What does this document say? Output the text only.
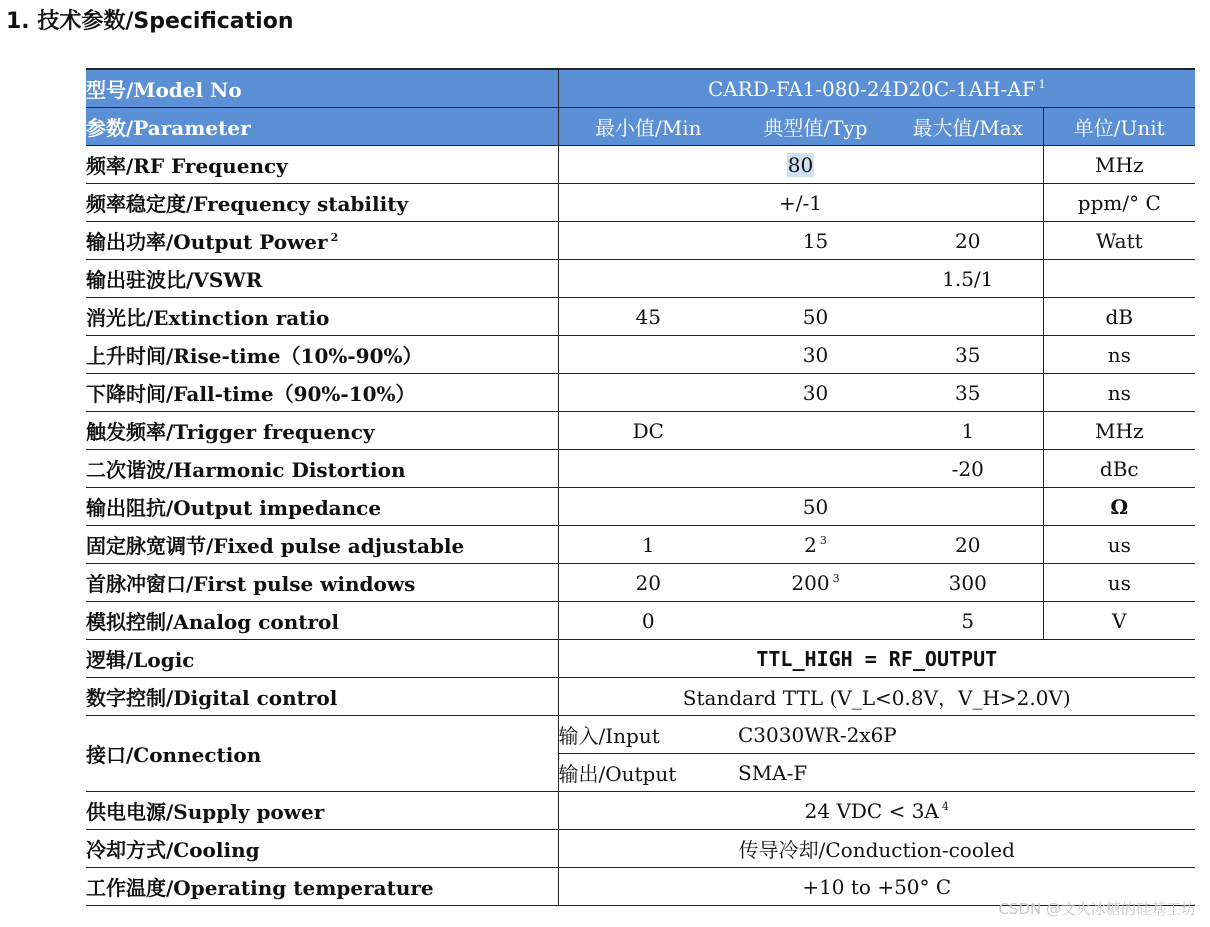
1. 技术参数/Specification
型号/Model No	CARD-FA1-080-24D20C-1AH-AF $^1$
参数/Parameter	最小值/Min	典型值/Typ	最大值/Max	单位/Unit
频率/RF Frequency	80			MHz
频率稳定度/Frequency stability	+/-1			ppm/° C
输出功率/Output Power $^2$		15	20	Watt
输出驻波比/VSWR			1.5/1	
消光比/Extinction ratio	45	50		dB
上升时间/Rise-time（10%-90%）		30	35	ns
下降时间/Fall-time（90%-10%）		30	35	ns
触发频率/Trigger frequency	DC		1	MHz
二次谐波/Harmonic Distortion			-20	dBc
输出阻抗/Output impedance		50		Ω
固定脉宽调节/Fixed pulse adjustable	1	2 $^3$	20	us
首脉冲窗口/First pulse windows	20	200 $^3$	300	us
模拟控制/Analog control	0		5	V
逻辑/Logic	TTL_HIGH = RF_OUTPUT			
数字控制/Digital control	Standard TTL (V_L<0.8V，V_H>2.0V)			
接口/Connection	输入/Input	C3030WR-2x6P		
	输出/Output	SMA-F		
供电电源/Supply power	24 VDC < 3A $^4$
冷却方式/Cooling	传导冷却/Conduction-cooled			
工作温度/Operating temperature	+10 to +50° C			
CSDN @文火冰糖的硅基工坊
